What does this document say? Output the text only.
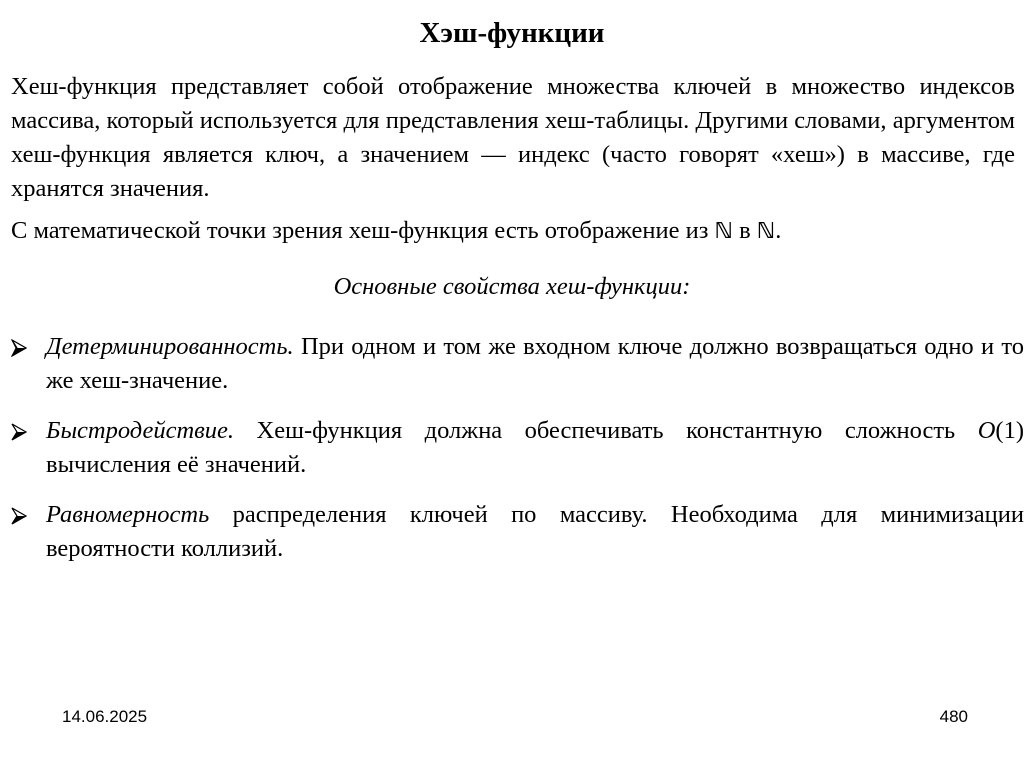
Хэш-функции

Хеш-функция представляет собой отображение множества ключей в множество индексов массива, который используется для представления хеш-таблицы. Другими словами, аргументом хеш-функция является ключ, а значением — индекс (часто говорят «хеш») в массиве, где хранятся значения.

С математической точки зрения хеш-функция есть отображение из ℕ в ℕ.

Основные свойства хеш-функции:

Детерминированность. При одном и том же входном ключе должно возвращаться одно и то же хеш-значение.
Быстродействие. Хеш-функция должна обеспечивать константную сложность O(1) вычисления её значений.
Равномерность распределения ключей по массиву. Необходима для минимизации вероятности коллизий.
14.06.2025	480
